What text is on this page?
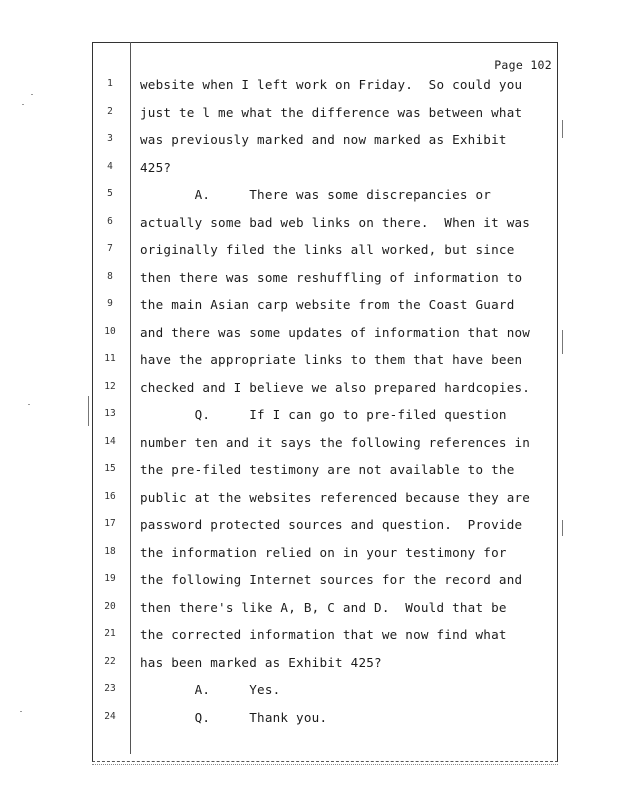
Page 102
1	website when I left work on Friday.  So could you
2	just te l me what the difference was between what
3	was previously marked and now marked as Exhibit
4	425?
5	A.     There was some discrepancies or
6	actually some bad web links on there.  When it was
7	originally filed the links all worked, but since
8	then there was some reshuffling of information to
9	the main Asian carp website from the Coast Guard
10	and there was some updates of information that now
11	have the appropriate links to them that have been
12	checked and I believe we also prepared hardcopies.
13	Q.     If I can go to pre-filed question
14	number ten and it says the following references in
15	the pre-filed testimony are not available to the
16	public at the websites referenced because they are
17	password protected sources and question.  Provide
18	the information relied on in your testimony for
19	the following Internet sources for the record and
20	then there's like A, B, C and D.  Would that be
21	the corrected information that we now find what
22	has been marked as Exhibit 425?
23	A.     Yes.
24	Q.     Thank you.
